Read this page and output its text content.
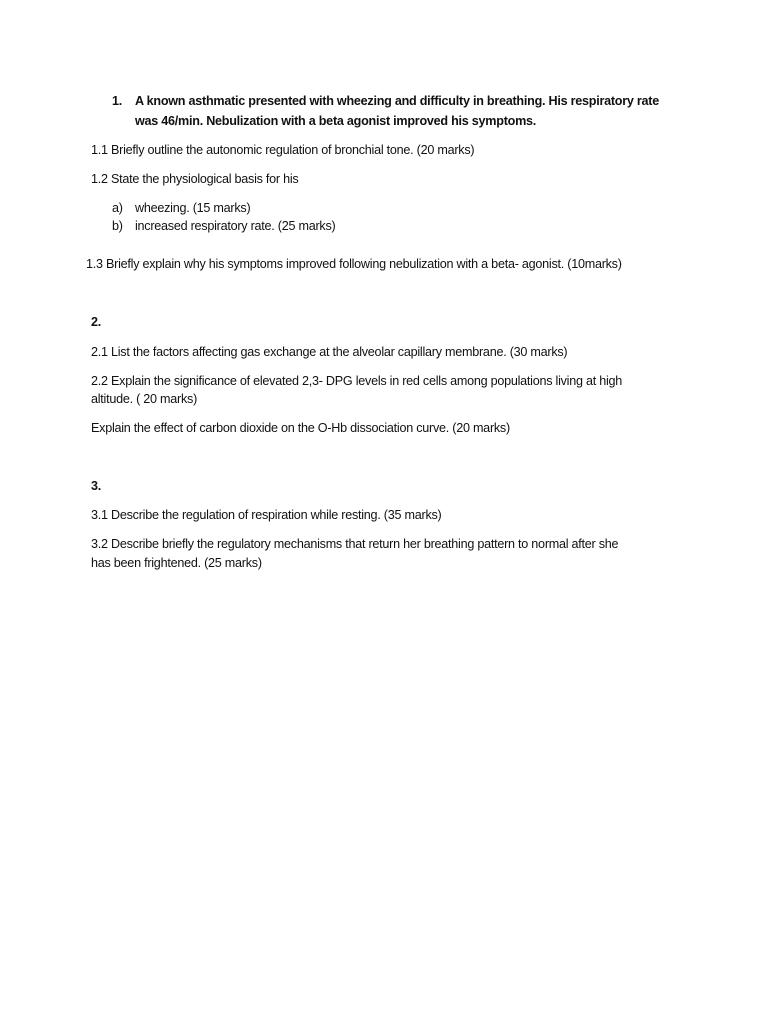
1. A known asthmatic presented with wheezing and difficulty in breathing. His respiratory rate
was 46/min. Nebulization with a beta agonist improved his symptoms.
1.1 Briefly outline the autonomic regulation of bronchial tone. (20 marks)
1.2 State the physiological basis for his
a) wheezing. (15 marks)
b) increased respiratory rate. (25 marks)
1.3 Briefly explain why his symptoms improved following nebulization with a beta- agonist. (10marks)
2.
2.1 List the factors affecting gas exchange at the alveolar capillary membrane. (30 marks)
2.2 Explain the significance of elevated 2,3- DPG levels in red cells among populations living at high
altitude. ( 20 marks)
Explain the effect of carbon dioxide on the O-Hb dissociation curve. (20 marks)
3.
3.1 Describe the regulation of respiration while resting. (35 marks)
3.2 Describe briefly the regulatory mechanisms that return her breathing pattern to normal after she
has been frightened. (25 marks)
